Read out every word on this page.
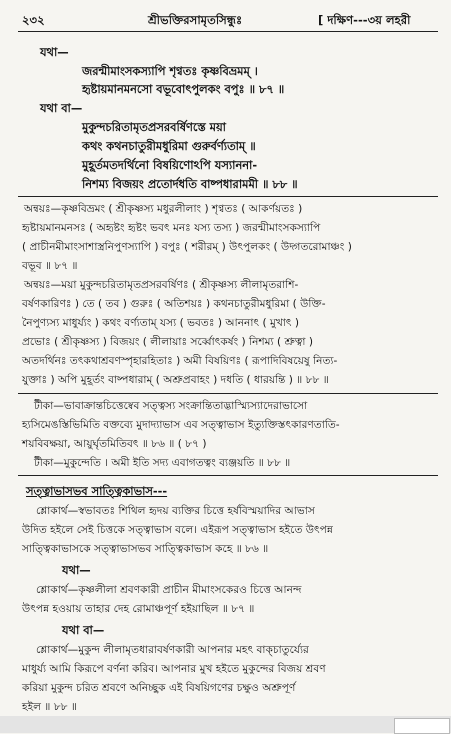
২৩২	শ্রীভক্তিরসামৃতসিন্ধুঃ	[ দক্ষিণ---৩য় লহরী
যথা—
জরন্মীমাংসকস্যাপি শৃণ্বতঃ কৃষ্ণবিভ্রমম্ ।
হৃষ্টায়মানমনসো বভূবোৎপুলকং বপুঃ ॥ ৮৭ ॥
যথা বা—
মুকুন্দচরিতামৃতপ্রসরবর্ষিণস্তে ময়া
কথং কথনচাতুরীমধুরিমা গুরুর্বর্ণ্যতাম্ ॥
মুহূর্তমতদর্থিনো বিষয়িণোঽপি যস্যাননা-
নিশম্য বিজয়ং প্রতোর্দধতি বাষ্পধারামমী ॥ ৮৮ ॥
অন্বয়ঃ—কৃষ্ণবিভ্রমং ( শ্রীকৃষ্ণস্য মধুরলীলাং ) শৃণ্বতঃ ( আকর্ণয়তঃ )
হৃষ্টায়মানমনসঃ ( অহৃষ্টং হৃষ্টং ভবৎ মনঃ যস্য তস্য ) জরন্মীমাংসকস্যাপি
( প্রাচীনমীমাংসাশাস্ত্রনিপুণস্যাপি ) বপুঃ ( শরীরম্ ) উৎপুলকং ( উদ্গতরোমাঞ্চং )
বভূব ॥ ৮৭ ॥
অন্বয়ঃ—ময়া মুকুন্দচরিতামৃতপ্রসরবর্ষিণঃ ( শ্রীকৃষ্ণস্য লীলামৃতরাশি-
বর্ষণকারিণঃ ) তে ( তব ) গুরুঃ ( অতিশয়ঃ ) কথনচাতুরীমধুরিমা ( উক্তি-
নৈপুণ্যস্য মাধুর্য্যং ) কথং বর্ণ্যতাম্ যস্য ( ভবতঃ ) আননাৎ ( মুখাৎ )
প্রভোঃ ( শ্রীকৃষ্ণস্য ) বিজয়ং ( লীলায়াঃ সর্ব্বোৎকর্ষং ) নিশম্য ( শ্রুত্বা )
অতদর্থিনঃ তৎকথাশ্রবণস্পৃহারহিতাঃ ) অমী বিষয়িণঃ ( রূপাদিবিষয়েষু নিত্য-
যুক্তাঃ ) অপি মুহূর্তং বাষ্পধারাম্ ( অশ্রুপ্রবাহং ) দধতি ( ধারয়ন্তি ) ॥ ৮৮ ॥
টীকা—ভাবাক্রান্তচিত্তেষ্বেব সত্ত্বস্য সংক্রান্তিতাদ্ভাস্ম্যিস্যাদেরাভাসো
হ্যসিমেঙস্তিভিমিতি বক্তব্যে মুদাদ্যাভাস এব সত্ত্বাভাস ইত্যুক্তিস্তৎকারণতাতি-
শয়বিবক্ষয়া, আয়ুর্ঘৃতমিতিবৎ ॥ ৮৬ ॥ ( ৮৭ )
টীকা—মুকুন্দেতি । অমী ইতি সদ্য এবাগতত্বং ব্যঞ্জয়তি ॥ ৮৮ ॥
সত্ত্বাভাসভব সাত্ত্বিকাভাস---
শ্লোকার্থ—স্বভাবতঃ শিথিল হৃদয় ব্যক্তির চিত্তে হর্ষবিস্ময়াদির আভাস
উদিত হইলে সেই চিত্তকে সত্ত্বাভাস বলে। এইরূপ সত্ত্বাভাস হইতে উৎপন্ন
সাত্ত্বিকাভাসকে সত্ত্বাভাসভব সাত্ত্বিকাভাস কহে ॥ ৮৬ ॥
যথা—
শ্লোকার্থ—কৃষ্ণলীলা শ্রবণকারী প্রাচীন মীমাংসকেরও চিত্তে আনন্দ
উৎপন্ন হওয়ায় তাহার দেহ রোমাঞ্চপূর্ণ হইয়াছিল ॥ ৮৭ ॥
যথা বা—
শ্লোকার্থ—মুকুন্দ লীলামৃতধারাবর্ষণকারী আপনার মহৎ বাক্‌চাতুর্য্যের
মাধুর্য্য আমি কিরূপে বর্ণনা করিব। আপনার মুখ হইতে মুকুন্দের বিজয় শ্রবণ
করিয়া মুকুন্দ চরিত শ্রবণে অনিচ্ছুক এই বিষয়িগণের চক্ষুও অশ্রুপূর্ণ
হইল ॥ ৮৮ ॥
